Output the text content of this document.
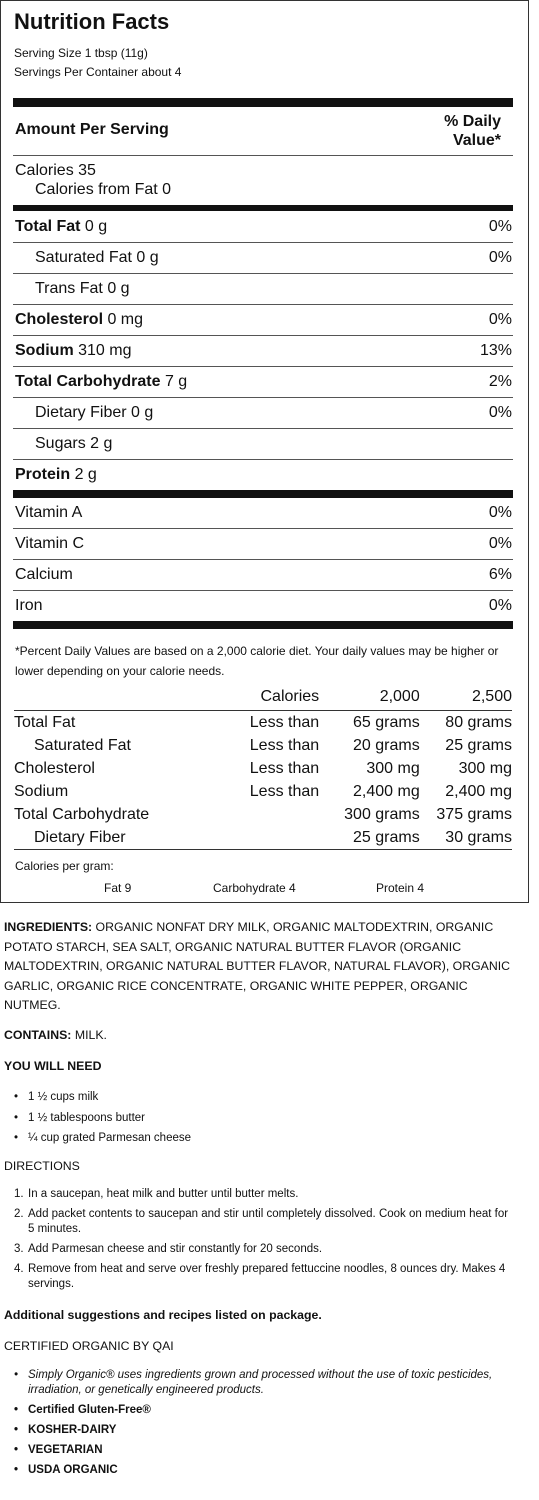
Nutrition Facts
Serving Size 1 tbsp (11g)
Servings Per Container about 4
Amount Per Serving	% Daily
Value*
Calories 35
Calories from Fat 0
Total Fat 0 g	0%
Saturated Fat 0 g	0%
Trans Fat 0 g
Cholesterol 0 mg	0%
Sodium 310 mg	13%
Total Carbohydrate 7 g	2%
Dietary Fiber 0 g	0%
Sugars 2 g
Protein 2 g
Vitamin A	0%
Vitamin C	0%
Calcium	6%
Iron	0%
*Percent Daily Values are based on a 2,000 calorie diet. Your daily values may be higher or lower depending on your calorie needs.
	Calories	2,000	2,500
Total Fat	Less than	65 grams	80 grams
Saturated Fat	Less than	20 grams	25 grams
Cholesterol	Less than	300 mg	300 mg
Sodium	Less than	2,400 mg	2,400 mg
Total Carbohydrate		300 grams	375 grams
Dietary Fiber		25 grams	30 grams
Calories per gram:
Fat 9	Carbohydrate 4	Protein 4
INGREDIENTS: ORGANIC NONFAT DRY MILK, ORGANIC MALTODEXTRIN, ORGANIC POTATO STARCH, SEA SALT, ORGANIC NATURAL BUTTER FLAVOR (ORGANIC MALTODEXTRIN, ORGANIC NATURAL BUTTER FLAVOR, NATURAL FLAVOR), ORGANIC GARLIC, ORGANIC RICE CONCENTRATE, ORGANIC WHITE PEPPER, ORGANIC NUTMEG.
CONTAINS: MILK.
YOU WILL NEED
• 1 ½ cups milk
• 1 ½ tablespoons butter
• ¼ cup grated Parmesan cheese
DIRECTIONS
1. In a saucepan, heat milk and butter until butter melts.
2. Add packet contents to saucepan and stir until completely dissolved. Cook on medium heat for 5 minutes.
3. Add Parmesan cheese and stir constantly for 20 seconds.
4. Remove from heat and serve over freshly prepared fettuccine noodles, 8 ounces dry. Makes 4 servings.
Additional suggestions and recipes listed on package.
CERTIFIED ORGANIC BY QAI
• Simply Organic® uses ingredients grown and processed without the use of toxic pesticides, irradiation, or genetically engineered products.
• Certified Gluten-Free®
• KOSHER-DAIRY
• VEGETARIAN
• USDA ORGANIC
